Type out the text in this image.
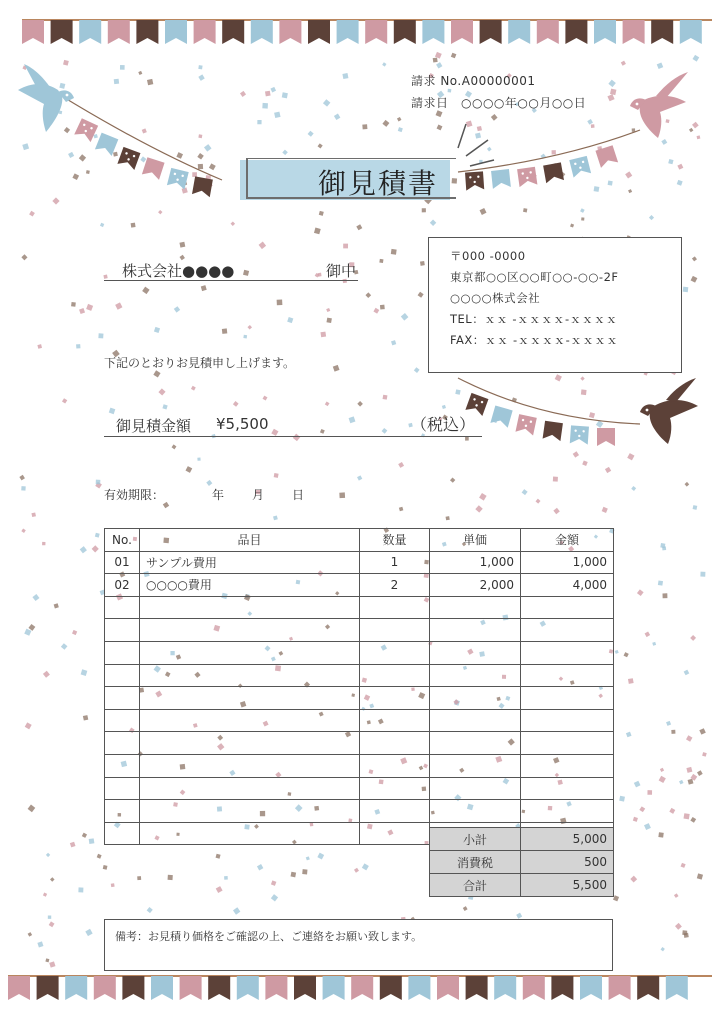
請求 No.A00000001
請求日　○○○○年○○月○○日
御見積書
株式会社●●●●	御中
〒000 -0000
東京都○○区○○町○○-○○-2F
○○○○株式会社
TEL：ｘｘ -ｘｘｘｘ-ｘｘｘｘ
FAX：ｘｘ -ｘｘｘｘ-ｘｘｘｘ
下記のとおりお見積申し上げます。
御見積金額 ¥5,500	（税込）
有効期限：	年 月 日
No.	品目	数量	単価	金額
01	サンプル費用	1	1,000	1,000
02	○○○○費用	2	2,000	4,000

小計	5,000
消費税	500
合計	5,500
備考：お見積り価格をご確認の上、ご連絡をお願い致します。
